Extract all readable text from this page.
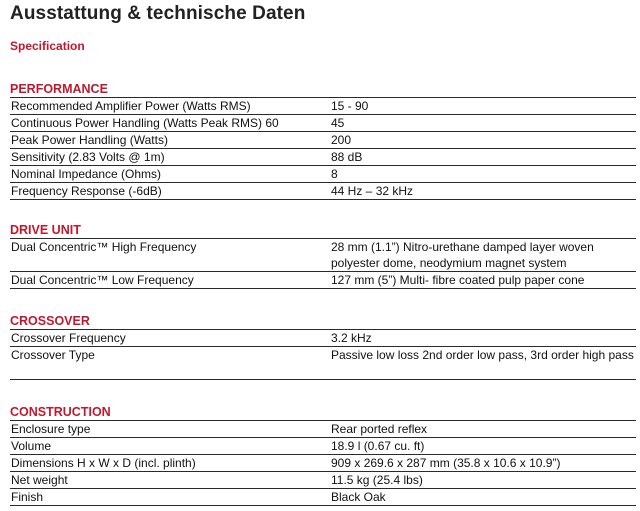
Ausstattung & technische Daten
Specification
PERFORMANCE
Recommended Amplifier Power (Watts RMS)	15 - 90
Continuous Power Handling (Watts Peak RMS) 60	45
Peak Power Handling (Watts)	200
Sensitivity (2.83 Volts @ 1m)	88 dB
Nominal Impedance (Ohms)	8
Frequency Response (-6dB)	44 Hz – 32 kHz
DRIVE UNIT
Dual Concentric™ High Frequency	28 mm (1.1”) Nitro-urethane damped layer woven polyester dome, neodymium magnet system
Dual Concentric™ Low Frequency	127 mm (5”) Multi- fibre coated pulp paper cone
CROSSOVER
Crossover Frequency	3.2 kHz
Crossover Type	Passive low loss 2nd order low pass, 3rd order high pass
CONSTRUCTION
Enclosure type	Rear ported reflex
Volume	18.9 l (0.67 cu. ft)
Dimensions H x W x D (incl. plinth)	909 x 269.6 x 287 mm (35.8 x 10.6 x 10.9”)
Net weight	11.5 kg (25.4 lbs)
Finish	Black Oak
